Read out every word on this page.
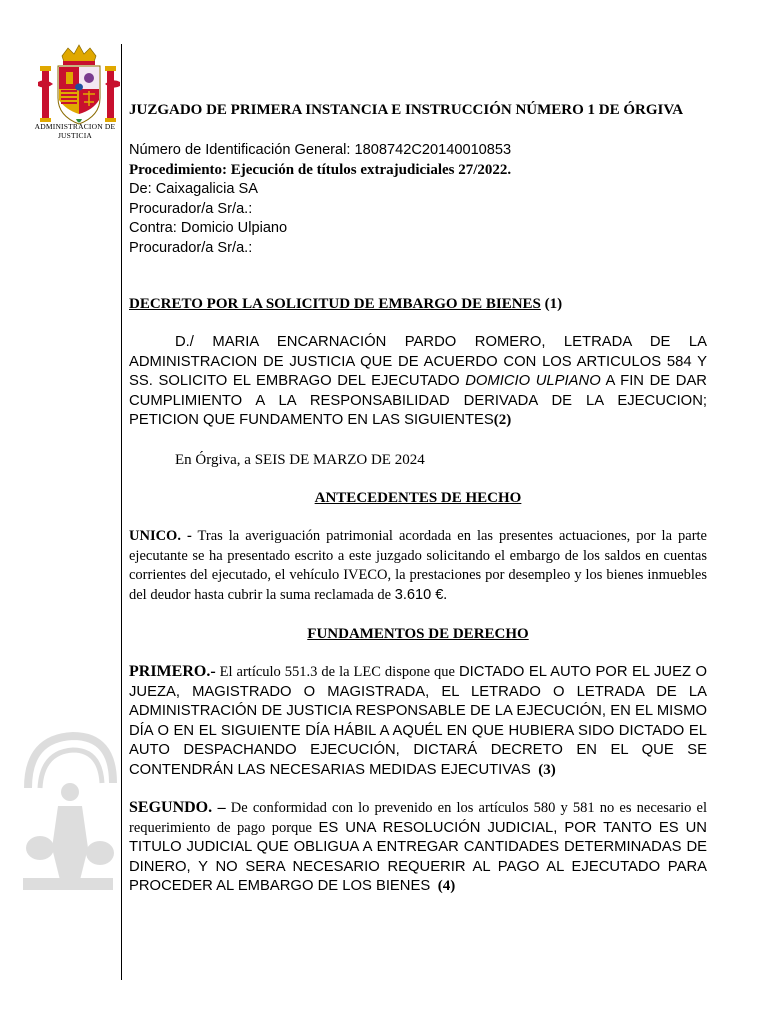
ADMINISTRACION DE JUSTICIA
JUZGADO DE PRIMERA INSTANCIA E INSTRUCCIÓN NÚMERO 1 DE ÓRGIVA
Número de Identificación General: 1808742C20140010853
Procedimiento: Ejecución de títulos extrajudiciales 27/2022.
De: Caixagalicia SA
Procurador/a Sr/a.:
Contra: Domicio Ulpiano
Procurador/a Sr/a.:
DECRETO POR LA SOLICITUD DE EMBARGO DE BIENES (1)
D./ MARIA ENCARNACIÓN PARDO ROMERO, LETRADA DE LA ADMINISTRACION DE JUSTICIA QUE DE ACUERDO CON LOS ARTICULOS 584 Y SS. SOLICITO EL EMBRAGO DEL EJECUTADO DOMICIO ULPIANO A FIN DE DAR CUMPLIMIENTO A LA RESPONSABILIDAD DERIVADA DE LA EJECUCION; PETICION QUE FUNDAMENTO EN LAS SIGUIENTES(2)
En Órgiva, a SEIS DE MARZO DE 2024
ANTECEDENTES DE HECHO
UNICO. - Tras la averiguación patrimonial acordada en las presentes actuaciones, por la parte ejecutante se ha presentado escrito a este juzgado solicitando el embargo de los saldos en cuentas corrientes del ejecutado, el vehículo IVECO, la prestaciones por desempleo y los bienes inmuebles del deudor hasta cubrir la suma reclamada de 3.610 €.
FUNDAMENTOS DE DERECHO
PRIMERO.- El artículo 551.3 de la LEC dispone que DICTADO EL AUTO POR EL JUEZ O JUEZA, MAGISTRADO O MAGISTRADA, EL LETRADO O LETRADA DE LA ADMINISTRACIÓN DE JUSTICIA RESPONSABLE DE LA EJECUCIÓN, EN EL MISMO DÍA O EN EL SIGUIENTE DÍA HÁBIL A AQUÉL EN QUE HUBIERA SIDO DICTADO EL AUTO DESPACHANDO EJECUCIÓN, DICTARÁ DECRETO EN EL QUE SE CONTENDRÁN LAS NECESARIAS MEDIDAS EJECUTIVAS (3)
SEGUNDO. – De conformidad con lo prevenido en los artículos 580 y 581 no es necesario el requerimiento de pago porque ES UNA RESOLUCIÓN JUDICIAL, POR TANTO ES UN TITULO JUDICIAL QUE OBLIGUA A ENTREGAR CANTIDADES DETERMINADAS DE DINERO, Y NO SERA NECESARIO REQUERIR AL PAGO AL EJECUTADO PARA PROCEDER AL EMBARGO DE LOS BIENES (4)
